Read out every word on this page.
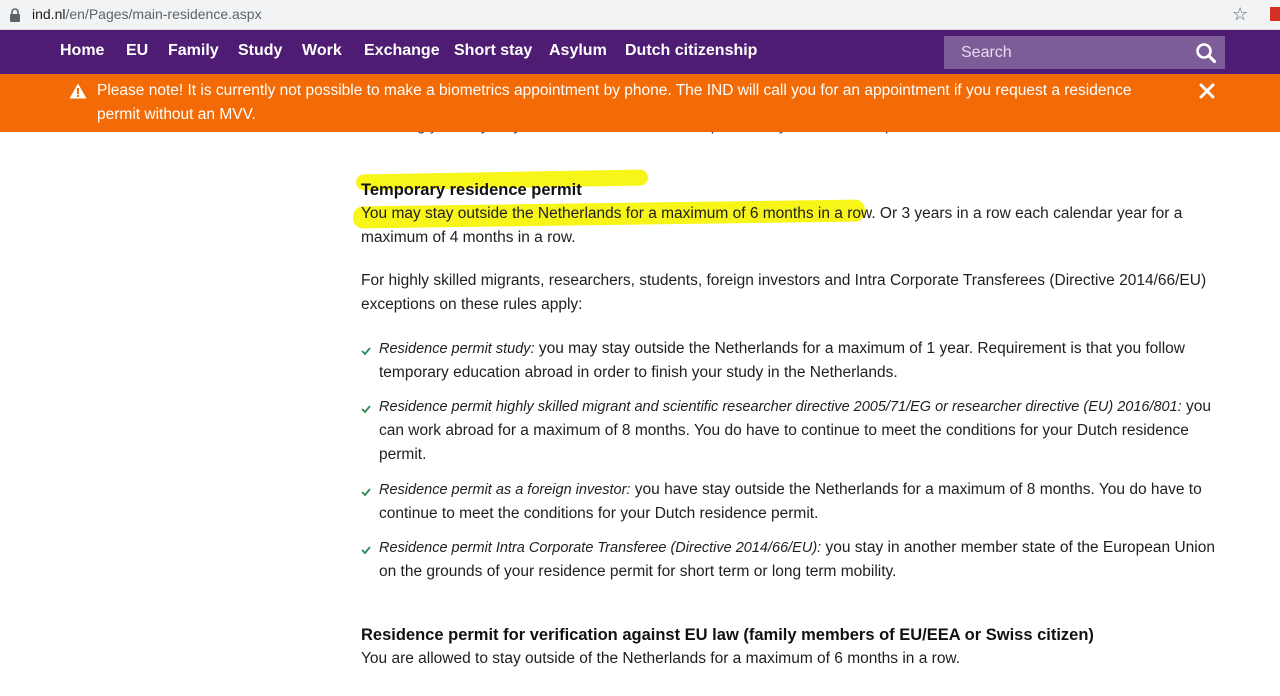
ind.nl/en/Pages/main-residence.aspx	☆
Home EU Family Study Work Exchange Short stay Asylum Dutch citizenship
Search
Please note! It is currently not possible to make a biometrics appointment by phone. The IND will call you for an appointment if you request a residence permit without an MVV.
Temporary residence permit
You may stay outside the Netherlands for a maximum of 6 months in a row. Or 3 years in a row each calendar year for a maximum of 4 months in a row.
For highly skilled migrants, researchers, students, foreign investors and Intra Corporate Transferees (Directive 2014/66/EU) exceptions on these rules apply:
Residence permit study: you may stay outside the Netherlands for a maximum of 1 year. Requirement is that you follow temporary education abroad in order to finish your study in the Netherlands.
Residence permit highly skilled migrant and scientific researcher directive 2005/71/EG or researcher directive (EU) 2016/801: you can work abroad for a maximum of 8 months. You do have to continue to meet the conditions for your Dutch residence permit.
Residence permit as a foreign investor: you have stay outside the Netherlands for a maximum of 8 months. You do have to continue to meet the conditions for your Dutch residence permit.
Residence permit Intra Corporate Transferee (Directive 2014/66/EU): you stay in another member state of the European Union on the grounds of your residence permit for short term or long term mobility.
Residence permit for verification against EU law (family members of EU/EEA or Swiss citizen)
You are allowed to stay outside of the Netherlands for a maximum of 6 months in a row.
